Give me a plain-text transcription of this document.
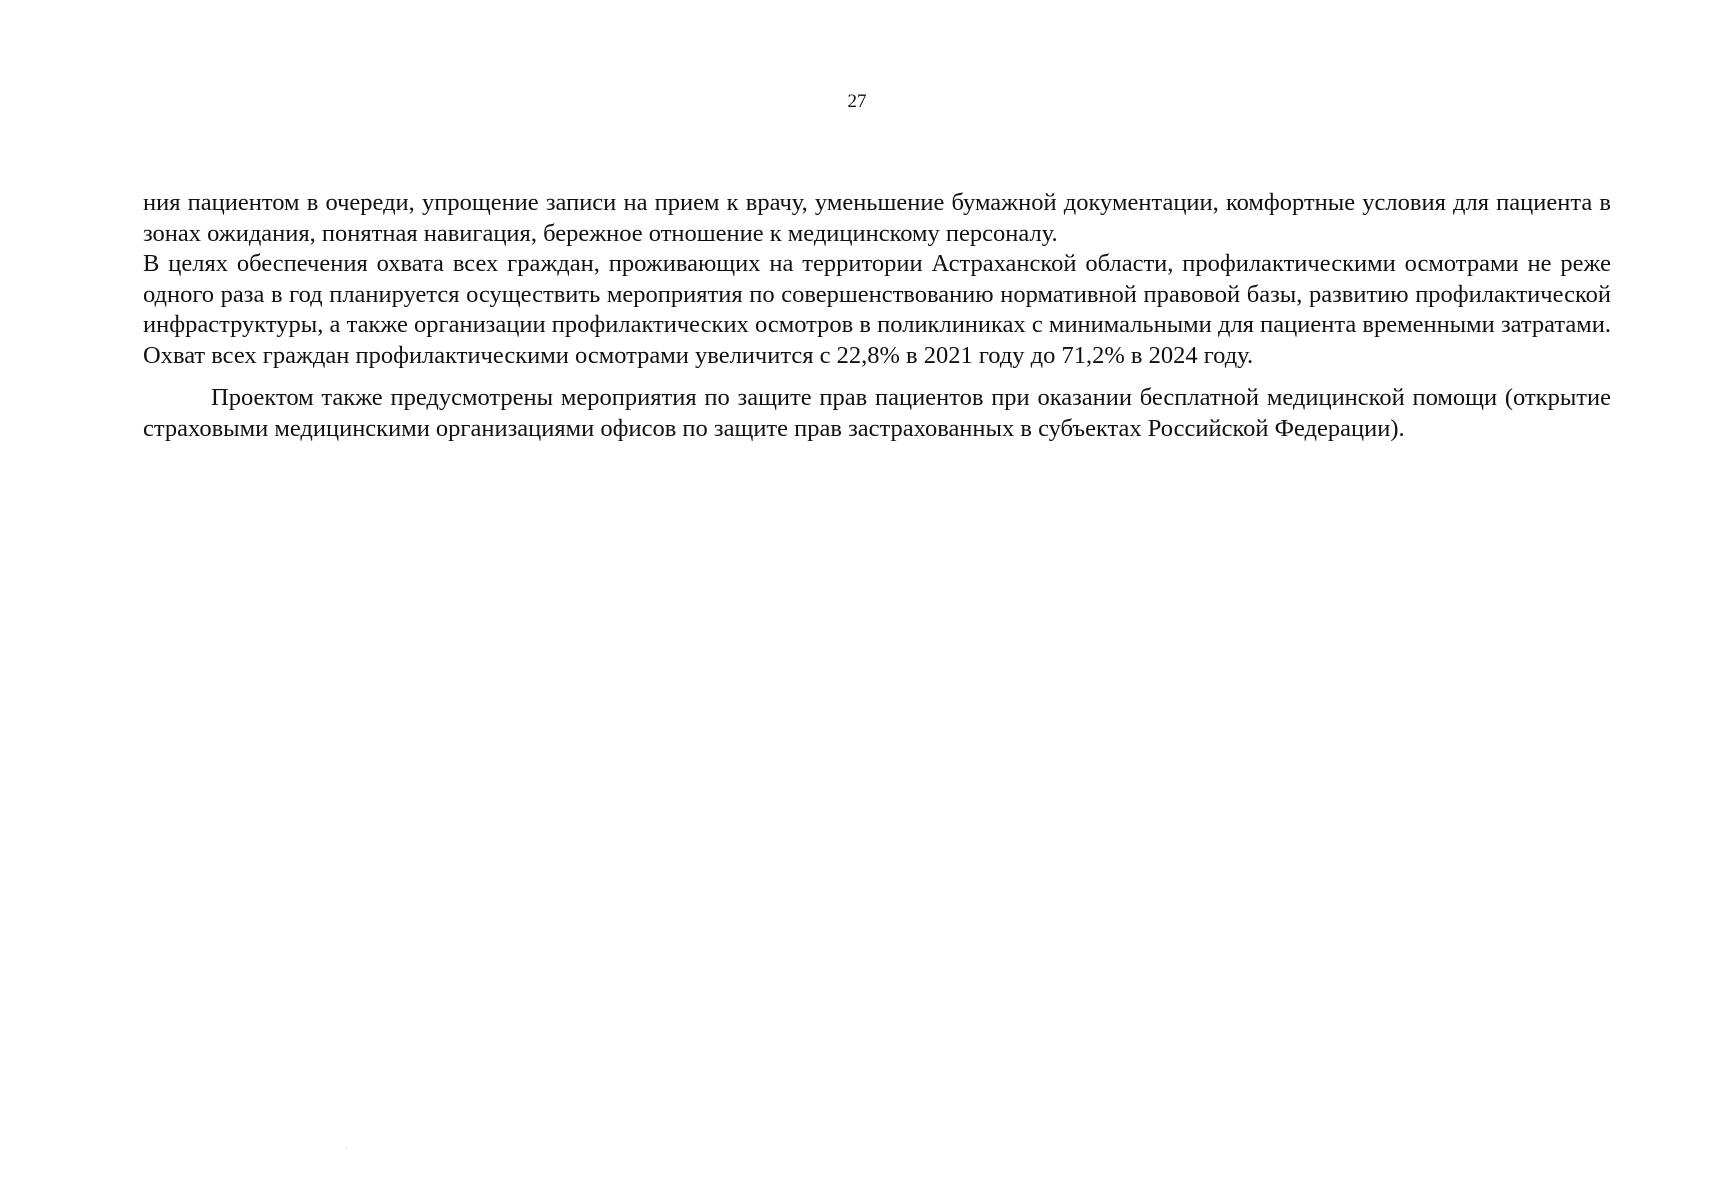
27

ния пациентом в очереди, упрощение записи на прием к врачу, уменьшение бумажной документации, комфортные условия для пациента в зонах ожидания, понятная навигация, бережное отношение к медицинскому персоналу.

В целях обеспечения охвата всех граждан, проживающих на территории Астраханской области, профилактическими осмотрами не реже одного раза в год планируется осуществить мероприятия по совершенствованию нормативной правовой базы, развитию профилактической инфраструктуры, а также организации профилактических осмотров в поликлиниках с минимальными для пациента временными затратами. Охват всех граждан профилактическими осмотрами увеличится с 22,8% в 2021 году до 71,2% в 2024 году.

Проектом также предусмотрены мероприятия по защите прав пациентов при оказании бесплатной медицинской помощи (открытие страховыми медицинскими организациями офисов по защите прав застрахованных в субъектах Российской Федерации).
